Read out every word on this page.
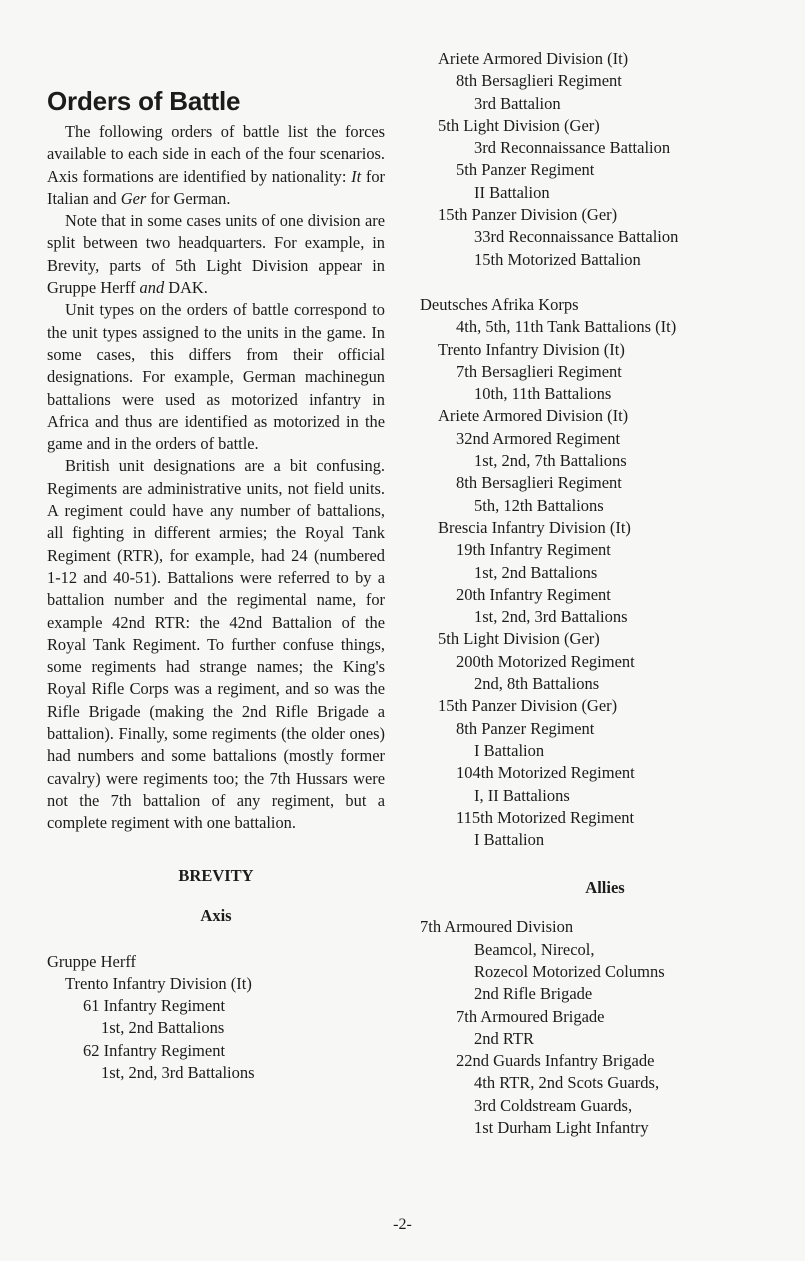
Orders of Battle

The following orders of battle list the forces available to each side in each of the four scenarios. Axis formations are identified by nationality: It for Italian and Ger for German.

Note that in some cases units of one division are split between two headquarters. For example, in Brevity, parts of 5th Light Division appear in Gruppe Herff and DAK.

Unit types on the orders of battle correspond to the unit types assigned to the units in the game. In some cases, this differs from their official designations. For example, German machinegun battalions were used as motorized infantry in Africa and thus are identified as motorized in the game and in the orders of battle.

British unit designations are a bit confusing. Regiments are administrative units, not field units. A regiment could have any number of battalions, all fighting in different armies; the Royal Tank Regiment (RTR), for example, had 24 (numbered 1-12 and 40-51). Battalions were referred to by a battalion number and the regimental name, for example 42nd RTR: the 42nd Battalion of the Royal Tank Regiment. To further confuse things, some regiments had strange names; the King's Royal Rifle Corps was a regiment, and so was the Rifle Brigade (making the 2nd Rifle Brigade a battalion). Finally, some regiments (the older ones) had numbers and some battalions (mostly former cavalry) were regiments too; the 7th Hussars were not the 7th battalion of any regiment, but a complete regiment with one battalion.

BREVITY
Axis
Gruppe Herff
Trento Infantry Division (It)
61 Infantry Regiment
1st, 2nd Battalions
62 Infantry Regiment
1st, 2nd, 3rd Battalions
Ariete Armored Division (It)
8th Bersaglieri Regiment
3rd Battalion
5th Light Division (Ger)
3rd Reconnaissance Battalion
5th Panzer Regiment
II Battalion
15th Panzer Division (Ger)
33rd Reconnaissance Battalion
15th Motorized Battalion
Deutsches Afrika Korps
4th, 5th, 11th Tank Battalions (It)
Trento Infantry Division (It)
7th Bersaglieri Regiment
10th, 11th Battalions
Ariete Armored Division (It)
32nd Armored Regiment
1st, 2nd, 7th Battalions
8th Bersaglieri Regiment
5th, 12th Battalions
Brescia Infantry Division (It)
19th Infantry Regiment
1st, 2nd Battalions
20th Infantry Regiment
1st, 2nd, 3rd Battalions
5th Light Division (Ger)
200th Motorized Regiment
2nd, 8th Battalions
15th Panzer Division (Ger)
8th Panzer Regiment
I Battalion
104th Motorized Regiment
I, II Battalions
115th Motorized Regiment
I Battalion
Allies
7th Armoured Division
Beamcol, Nirecol,
Rozecol Motorized Columns
2nd Rifle Brigade
7th Armoured Brigade
2nd RTR
22nd Guards Infantry Brigade
4th RTR, 2nd Scots Guards,
3rd Coldstream Guards,
1st Durham Light Infantry
-2-
